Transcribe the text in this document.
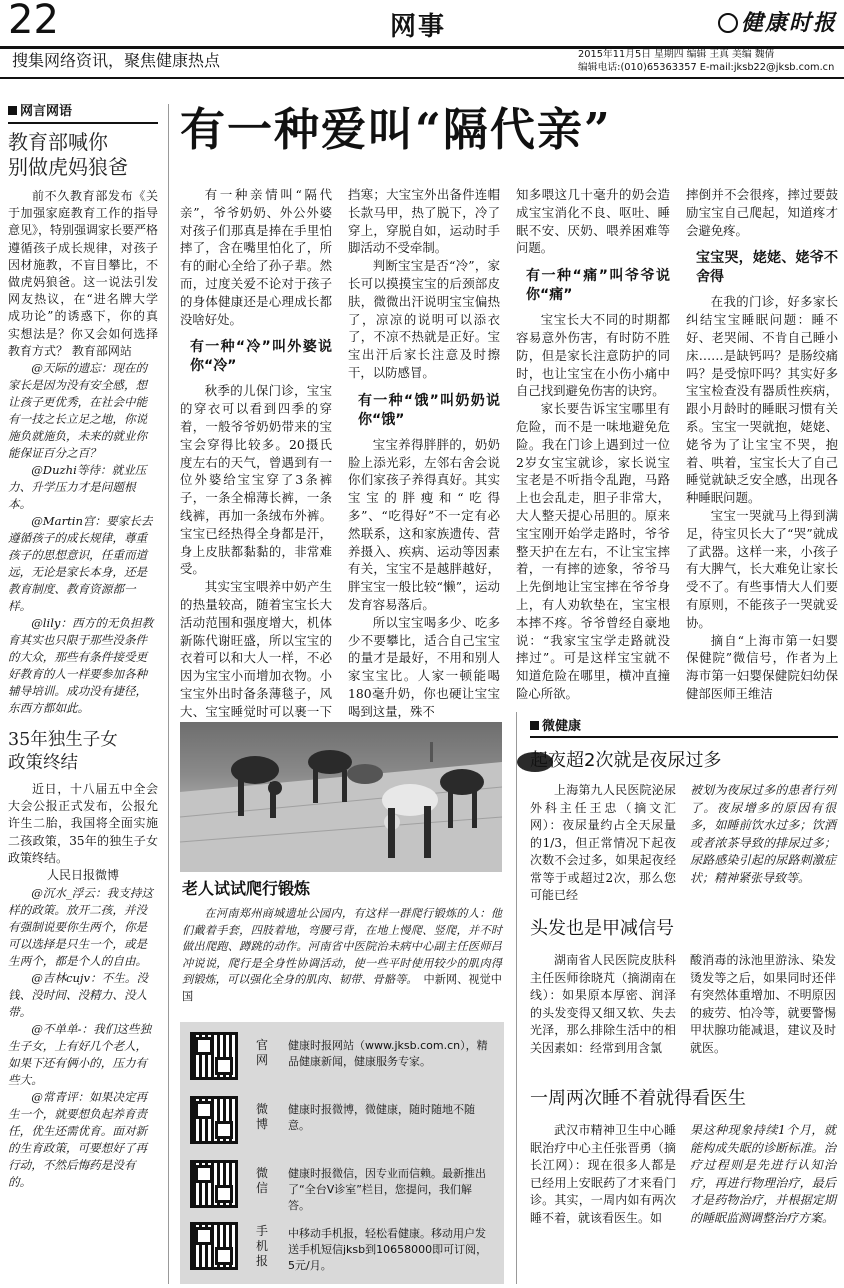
22	网事	健康时报
搜集网络资讯，聚焦健康热点	2015年11月5日 星期四 编辑 王真 美编 魏倩
编辑电话:(010)65363357 E-mail:jksb22@jksb.com.cn
网言网语
教育部喊你
别做虎妈狼爸

前不久教育部发布《关于加强家庭教育工作的指导意见》，特别强调家长要严格遵循孩子成长规律，对孩子因材施教，不盲目攀比，不做虎妈狼爸。这一说法引发网友热议，在“进名牌大学成功论”的诱惑下，你的真实想法是？你又会如何选择教育方式？ 教育部网站

@天际的遗忘：现在的家长是因为没有安全感，想让孩子更优秀，在社会中能有一技之长立足之地，你说施负就施负，未来的就业你能保证百分之百？
@Duzhi等待：就业压力、升学压力才是问题根本。
@Martin宫：要家长去遵循孩子的成长规律，尊重孩子的思想意识，任重而道远，无论是家长本身，还是教育制度、教育资源都一样。
@lily：西方的无负担教育其实也只限于那些没条件的大众，那些有条件接受更好教育的人一样要参加各种辅导培训。成功没有捷径，东西方都如此。
35年独生子女
政策终结

近日，十八届五中全会大会公报正式发布，公报允许生二胎，我国将全面实施二孩政策，35年的独生子女政策终结。

人民日报微博
@沉水_浮云：我支持这样的政策。放开二孩，并没有强制说要你生两个，你是可以选择是只生一个，或是生两个，都是个人的自由。
@吉林cujv：不生。没钱、没时间、没精力、没人带。
@不单单-：我们这些独生子女，上有好几个老人，如果下还有俩小的，压力有些大。
@常青评：如果决定再生一个，就要想负起养育责任，优生还需优育。面对新的生育政策，可要想好了再行动，不然后悔药是没有的。
有一种爱叫“隔代亲”

有一种亲情叫“隔代亲”，爷爷奶奶、外公外婆对孩子们那真是捧在手里怕摔了，含在嘴里怕化了，所有的耐心全给了孙子辈。然而，过度关爱不论对于孩子的身体健康还是心理成长都没啥好处。

有一种“冷”叫外婆说你“冷”

秋季的儿保门诊，宝宝的穿衣可以看到四季的穿着，一般爷爷奶奶带来的宝宝会穿得比较多。20摄氏度左右的天气，曾遇到有一位外婆给宝宝穿了3条裤子，一条全棉薄长裤，一条线裤，再加一条绒布外裤。宝宝已经热得全身都是汗，身上皮肤都黏黏的，非常难受。

其实宝宝喂养中奶产生的热量较高，随着宝宝长大活动范围和强度增大，机体新陈代谢旺盛，所以宝宝的衣着可以和大人一样，不必因为宝宝小而增加衣物。小宝宝外出时备条薄毯子，风大、宝宝睡觉时可以裹一下

挡寒；大宝宝外出备件连帽长款马甲，热了脱下，冷了穿上，穿脱自如，运动时手脚活动不受牵制。

判断宝宝是否“冷”，家长可以摸摸宝宝的后颈部皮肤，微微出汗说明宝宝偏热了，凉凉的说明可以添衣了，不凉不热就是正好。宝宝出汗后家长注意及时擦干，以防感冒。

有一种“饿”叫奶奶说你“饿”

宝宝养得胖胖的，奶奶脸上添光彩，左邻右舍会说你们家孩子养得真好。其实宝宝的胖瘦和“吃得多”、“吃得好”不一定有必然联系，这和家族遗传、营养摄入、疾病、运动等因素有关，宝宝不是越胖越好，胖宝宝一般比较“懒”，运动发育容易落后。

所以宝宝喝多少、吃多少不要攀比，适合自己宝宝的量才是最好，不用和别人家宝宝比。人家一顿能喝180毫升奶，你也硬让宝宝喝到这量，殊不

知多喂这几十毫升的奶会造成宝宝消化不良、呕吐、睡眠不安、厌奶、喂养困难等问题。

有一种“痛”叫爷爷说你“痛”

宝宝长大不同的时期都容易意外伤害，有时防不胜防，但是家长注意防护的同时，也让宝宝在小伤小痛中自己找到避免伤害的诀窍。

家长要告诉宝宝哪里有危险，而不是一味地避免危险。我在门诊上遇到过一位2岁女宝宝就诊，家长说宝宝老是不听指令乱跑，马路上也会乱走，胆子非常大，大人整天提心吊胆的。原来宝宝刚开始学走路时，爷爷整天护在左右，不让宝宝摔着，一有摔的迹象，爷爷马上先倒地让宝宝摔在爷爷身上，有人劝软垫在，宝宝根本摔不疼。爷爷曾经自豪地说：“我家宝宝学走路就没摔过”。可是这样宝宝就不知道危险在哪里，横冲直撞险心所欲。

摔倒并不会很疼，摔过要鼓励宝宝自己爬起，知道疼才会避免疼。

宝宝哭，姥姥、姥爷不舍得

在我的门诊，好多家长纠结宝宝睡眠问题：睡不好、老哭闹、不肯自己睡小床……是缺钙吗？是肠绞痛吗？是受惊吓吗？其实好多宝宝检查没有器质性疾病，跟小月龄时的睡眠习惯有关系。宝宝一哭就抱，姥姥、姥爷为了让宝宝不哭，抱着、哄着，宝宝长大了自己睡觉就缺乏安全感，出现各种睡眠问题。

宝宝一哭就马上得到满足，待宝贝长大了“哭”就成了武器。这样一来，小孩子有大脾气，长大难免让家长受不了。有些事情大人们要有原则，不能孩子一哭就妥协。

摘自“上海市第一妇婴保健院”微信号，作者为上海市第一妇婴保健院妇幼保健部医师王维洁

老人试试爬行锻炼
在河南郑州商城遗址公园内，有这样一群爬行锻炼的人：他们戴着手套，四肢着地，弯腰弓背，在地上慢爬、竖爬，并不时做出爬跑、蹲跳的动作。河南省中医院治未病中心副主任医师吕冲说说，爬行是全身性协调活动，使一些平时使用较少的肌肉得到锻炼，可以强化全身的肌肉、韧带、骨骼等。 中新网、视觉中国
官网
健康时报网站（www.jksb.com.cn），精品健康新闻，健康服务专家。
微博
健康时报微博，微健康，随时随地不随意。
微信
健康时报微信，因专业而信赖。最新推出了“全台V诊室”栏目，您提问，我们解答。
手机报
中移动手机报，轻松看健康。移动用户发送手机短信jksb到10658000即可订阅，5元/月。
微健康
起夜超2次就是夜尿过多
上海第九人民医院泌尿外科主任王忠（摘文汇网）：夜尿量约占全天尿量的1/3，但正常情况下起夜次数不会过多，如果起夜经常等于或超过2次，那么您可能已经
被划为夜尿过多的患者行列了。夜尿增多的原因有很多，如睡前饮水过多；饮酒或者浓茶导致的排尿过多；尿路感染引起的尿路刺激症状；精神紧张导致等。
头发也是甲减信号
湖南省人民医院皮肤科主任医师徐晓芃（摘湖南在线）：如果原本厚密、润泽的头发变得又细又软、失去光泽，那么排除生活中的相关因素如：经常到用含氯
酸消毒的泳池里游泳、染发烫发等之后，如果同时还伴有突然体重增加、不明原因的疲劳、怕冷等，就要警惕甲状腺功能减退，建议及时就医。
一周两次睡不着就得看医生
武汉市精神卫生中心睡眠治疗中心主任张晋勇（摘长江网）：现在很多人都是已经用上安眠药了才来看门诊。其实，一周内如有两次睡不着，就该看医生。如
果这种现象持续1个月，就能构成失眠的诊断标准。治疗过程则是先进行认知治疗，再进行物理治疗，最后才是药物治疗，并根据定期的睡眠监测调整治疗方案。
